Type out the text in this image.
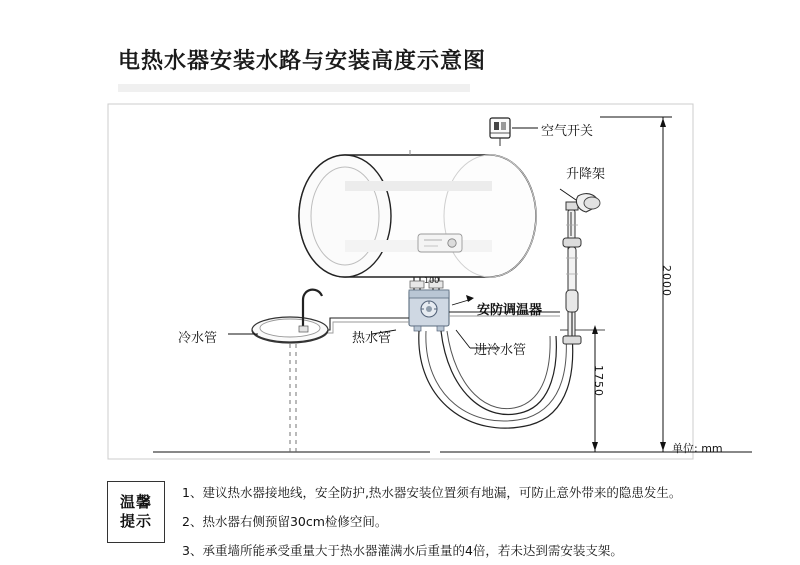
电热水器安装水路与安装高度示意图
空气开关
升降架
安防调温器
冷水管	热水管
进冷水管
100	2000
1750
单位: mm
温馨
提示

1、建议热水器接地线，安全防护,热水器安装位置须有地漏，可防止意外带来的隐患发生。

2、热水器右侧预留30cm检修空间。

3、承重墙所能承受重量大于热水器灌满水后重量的4倍，若未达到需安装支架。
